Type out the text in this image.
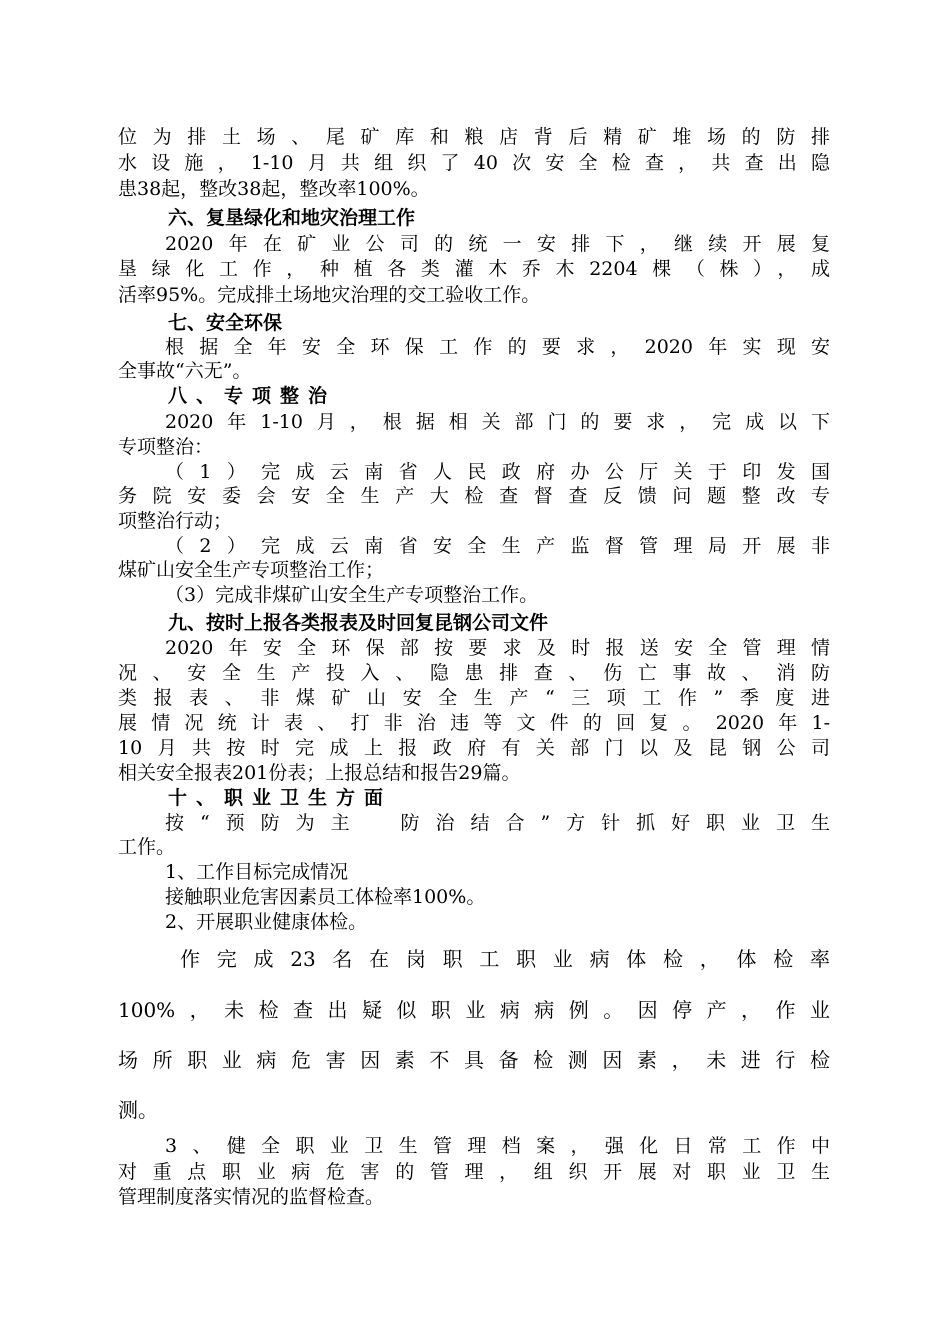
位为排土场、尾矿库和粮店背后精矿堆场的防排
水设施，1-10月共组织了40次安全检查，共查出隐
患38起，整改38起，整改率100%。
六、复垦绿化和地灾治理工作
2020年在矿业公司的统一安排下，继续开展复
垦绿化工作，种植各类灌木乔木2204棵（株），成
活率95%。完成排土场地灾治理的交工验收工作。
七、安全环保
根据全年安全环保工作的要求，2020年实现安
全事故“六无”。
八、专项整治
2020年1-10月，根据相关部门的要求，完成以下
专项整治：
（1）完成云南省人民政府办公厅关于印发国
务院安委会安全生产大检查督查反馈问题整改专
项整治行动；
（2）完成云南省安全生产监督管理局开展非
煤矿山安全生产专项整治工作；
（3）完成非煤矿山安全生产专项整治工作。
九、按时上报各类报表及时回复昆钢公司文件
2020年安全环保部按要求及时报送安全管理情
况、安全生产投入、隐患排查、伤亡事故、消防
类报表、非煤矿山安全生产“三项工作”季度进
展情况统计表、打非治违等文件的回复。2020年1-
10月共按时完成上报政府有关部门以及昆钢公司
相关安全报表201份表；上报总结和报告29篇。
十、职业卫生方面
按“预防为主　防治结合”方针抓好职业卫生
工作。
1、工作目标完成情况
接触职业危害因素员工体检率100%。
2、开展职业健康体检。
作完成23名在岗职工职业病体检，体检率
100%，未检查出疑似职业病病例。因停产，作业
场所职业病危害因素不具备检测因素，未进行检
测。
3、健全职业卫生管理档案，强化日常工作中
对重点职业病危害的管理，组织开展对职业卫生
管理制度落实情况的监督检查。
